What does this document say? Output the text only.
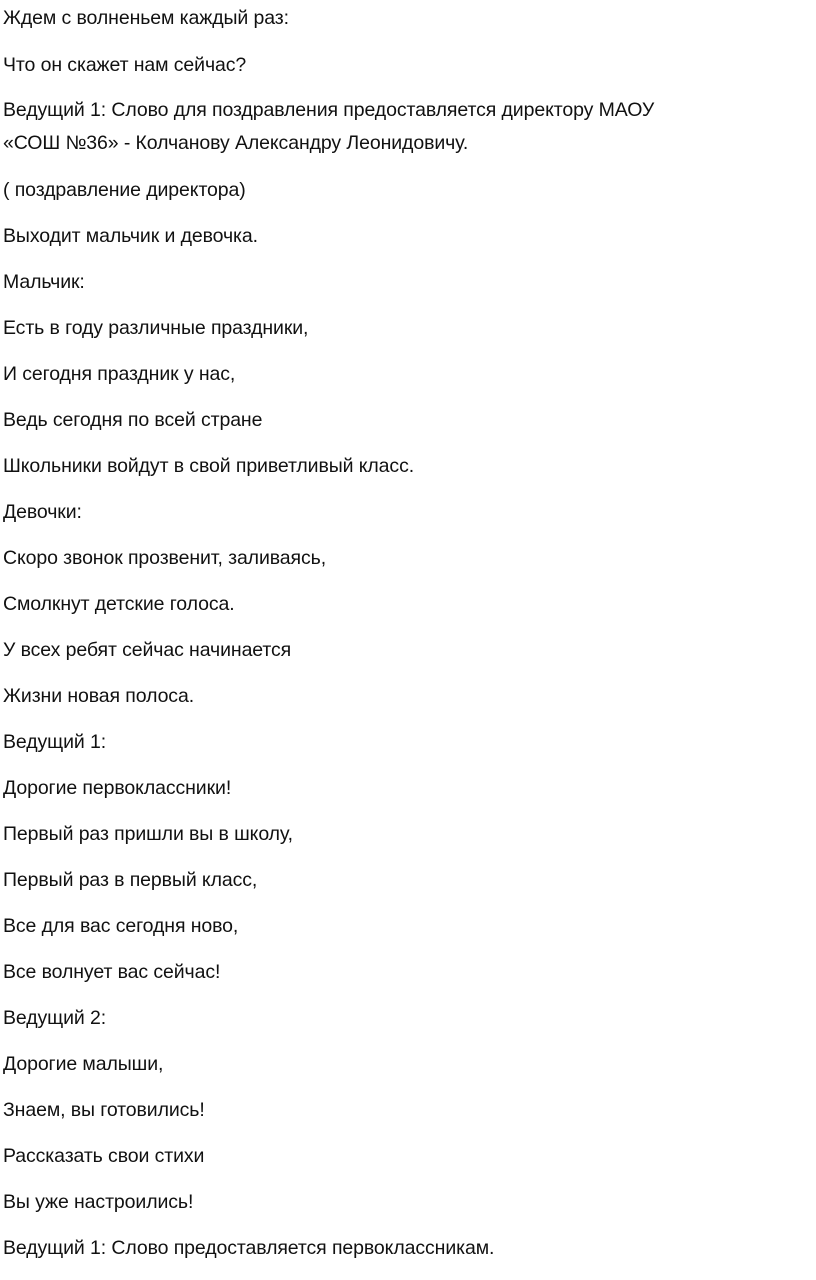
Ждем с волненьем каждый раз:
Что он скажет нам сейчас?
Ведущий 1: Слово для поздравления предоставляется директору МАОУ
«СОШ №36» - Колчанову Александру Леонидовичу.
( поздравление директора)
Выходит мальчик и девочка.
Мальчик:
Есть в году различные праздники,
И сегодня праздник у нас,
Ведь сегодня по всей стране
Школьники войдут в свой приветливый класс.
Девочки:
Скоро звонок прозвенит, заливаясь,
Смолкнут детские голоса.
У всех ребят сейчас начинается
Жизни новая полоса.
Ведущий 1:
Дорогие первоклассники!
Первый раз пришли вы в школу,
Первый раз в первый класс,
Все для вас сегодня ново,
Все волнует вас сейчас!
Ведущий 2:
Дорогие малыши,
Знаем, вы готовились!
Рассказать свои стихи
Вы уже настроились!
Ведущий 1: Слово предоставляется первоклассникам.
